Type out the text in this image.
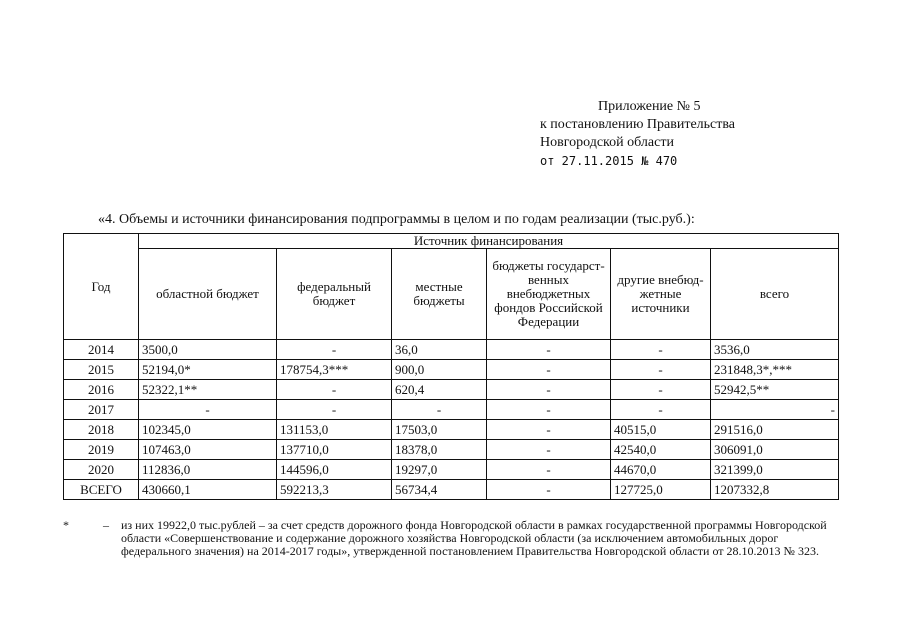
Приложение № 5
к постановлению Правительства
Новгородской области
от 27.11.2015 № 470
«4. Объемы и источники финансирования подпрограммы в целом и по годам реализации (тыс.руб.):
Год	Источник финансирования					
	областной бюджет	федеральный бюджет	местные бюджеты	бюджеты государст-венных внебюджетных фондов Российской Федерации	другие внебюд-жетные источники	всего
2014	3500,0	-	36,0	-	-	3536,0
2015	52194,0*	178754,3***	900,0	-	-	231848,3*,***
2016	52322,1**	-	620,4	-	-	52942,5**
2017	-	-	-	-	-	-
2018	102345,0	131153,0	17503,0	-	40515,0	291516,0
2019	107463,0	137710,0	18378,0	-	42540,0	306091,0
2020	112836,0	144596,0	19297,0	-	44670,0	321399,0
ВСЕГО	430660,1	592213,3	56734,4	-	127725,0	1207332,8
*	– из них 19922,0 тыс.рублей – за счет средств дорожного фонда Новгородской области в рамках государственной программы Новгородской области «Совершенствование и содержание дорожного хозяйства Новгородской области (за исключением автомобильных дорог федерального значения) на 2014-2017 годы», утвержденной постановлением Правительства Новгородской области от 28.10.2013 № 323.
